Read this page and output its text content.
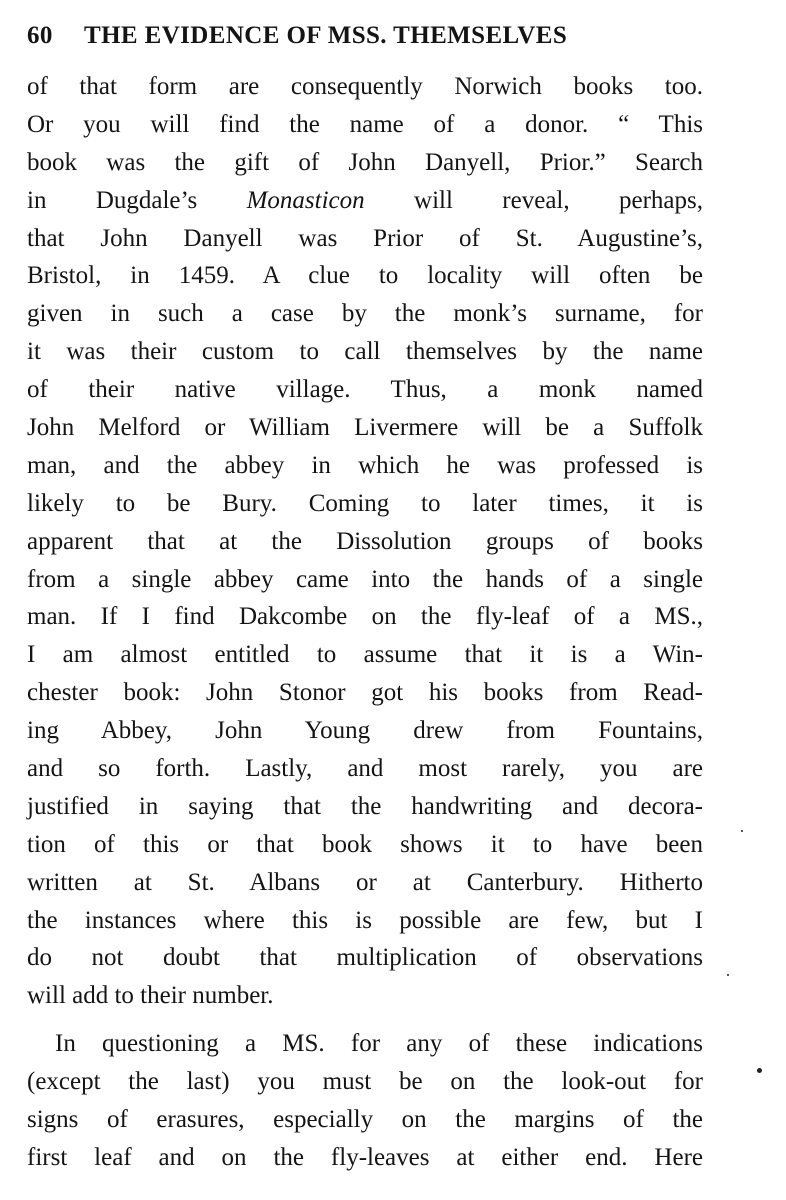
60	THE EVIDENCE OF MSS. THEMSELVES
of that form are consequently Norwich books too.
Or you will find the name of a donor. “ This
book was the gift of John Danyell, Prior.” Search
in Dugdale’s Monasticon will reveal, perhaps,
that John Danyell was Prior of St. Augustine’s,
Bristol, in 1459. A clue to locality will often be
given in such a case by the monk’s surname, for
it was their custom to call themselves by the name
of their native village. Thus, a monk named
John Melford or William Livermere will be a Suffolk
man, and the abbey in which he was professed is
likely to be Bury. Coming to later times, it is
apparent that at the Dissolution groups of books
from a single abbey came into the hands of a single
man. If I find Dakcombe on the fly-leaf of a MS.,
I am almost entitled to assume that it is a Win-
chester book: John Stonor got his books from Read-
ing Abbey, John Young drew from Fountains,
and so forth. Lastly, and most rarely, you are
justified in saying that the handwriting and decora-
tion of this or that book shows it to have been
written at St. Albans or at Canterbury. Hitherto
the instances where this is possible are few, but I
do not doubt that multiplication of observations
will add to their number.
In questioning a MS. for any of these indications
(except the last) you must be on the look-out for
signs of erasures, especially on the margins of the
first leaf and on the fly-leaves at either end. Here
